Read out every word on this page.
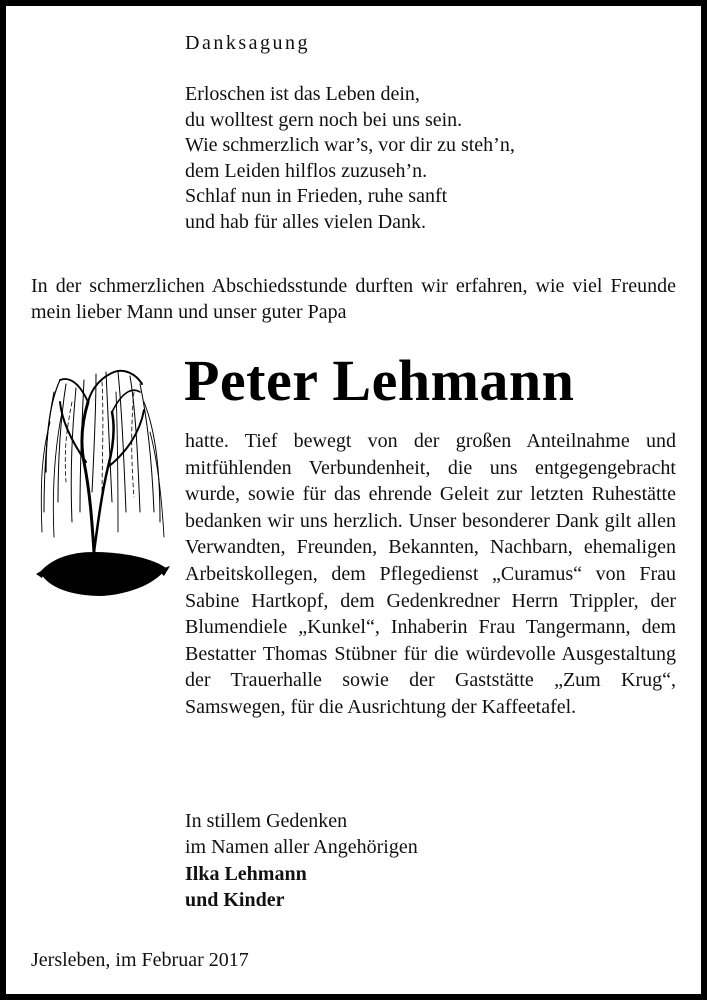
Danksagung
Erloschen ist das Leben dein,
du wolltest gern noch bei uns sein.
Wie schmerzlich war’s, vor dir zu steh’n,
dem Leiden hilflos zuzuseh’n.
Schlaf nun in Frieden, ruhe sanft
und hab für alles vielen Dank.

In der schmerzlichen Abschiedsstunde durften wir erfahren, wie viel Freunde mein lieber Mann und unser guter Papa

Peter Lehmann

hatte. Tief bewegt von der großen Anteilnahme und mitfühlenden Verbundenheit, die uns entgegengebracht wurde, sowie für das ehrende Geleit zur letzten Ruhestätte bedanken wir uns herzlich. Unser besonderer Dank gilt allen Verwandten, Freunden, Bekannten, Nachbarn, ehemaligen Arbeitskollegen, dem Pflegedienst „Curamus“ von Frau Sabine Hartkopf, dem Gedenkredner Herrn Trippler, der Blumendiele „Kunkel“, Inhaberin Frau Tangermann, dem Bestatter Thomas Stübner für die würdevolle Ausgestaltung der Trauerhalle sowie der Gaststätte „Zum Krug“, Samswegen, für die Ausrichtung der Kaffeetafel.

In stillem Gedenken
im Namen aller Angehörigen
Ilka Lehmann
und Kinder
Jersleben, im Februar 2017
